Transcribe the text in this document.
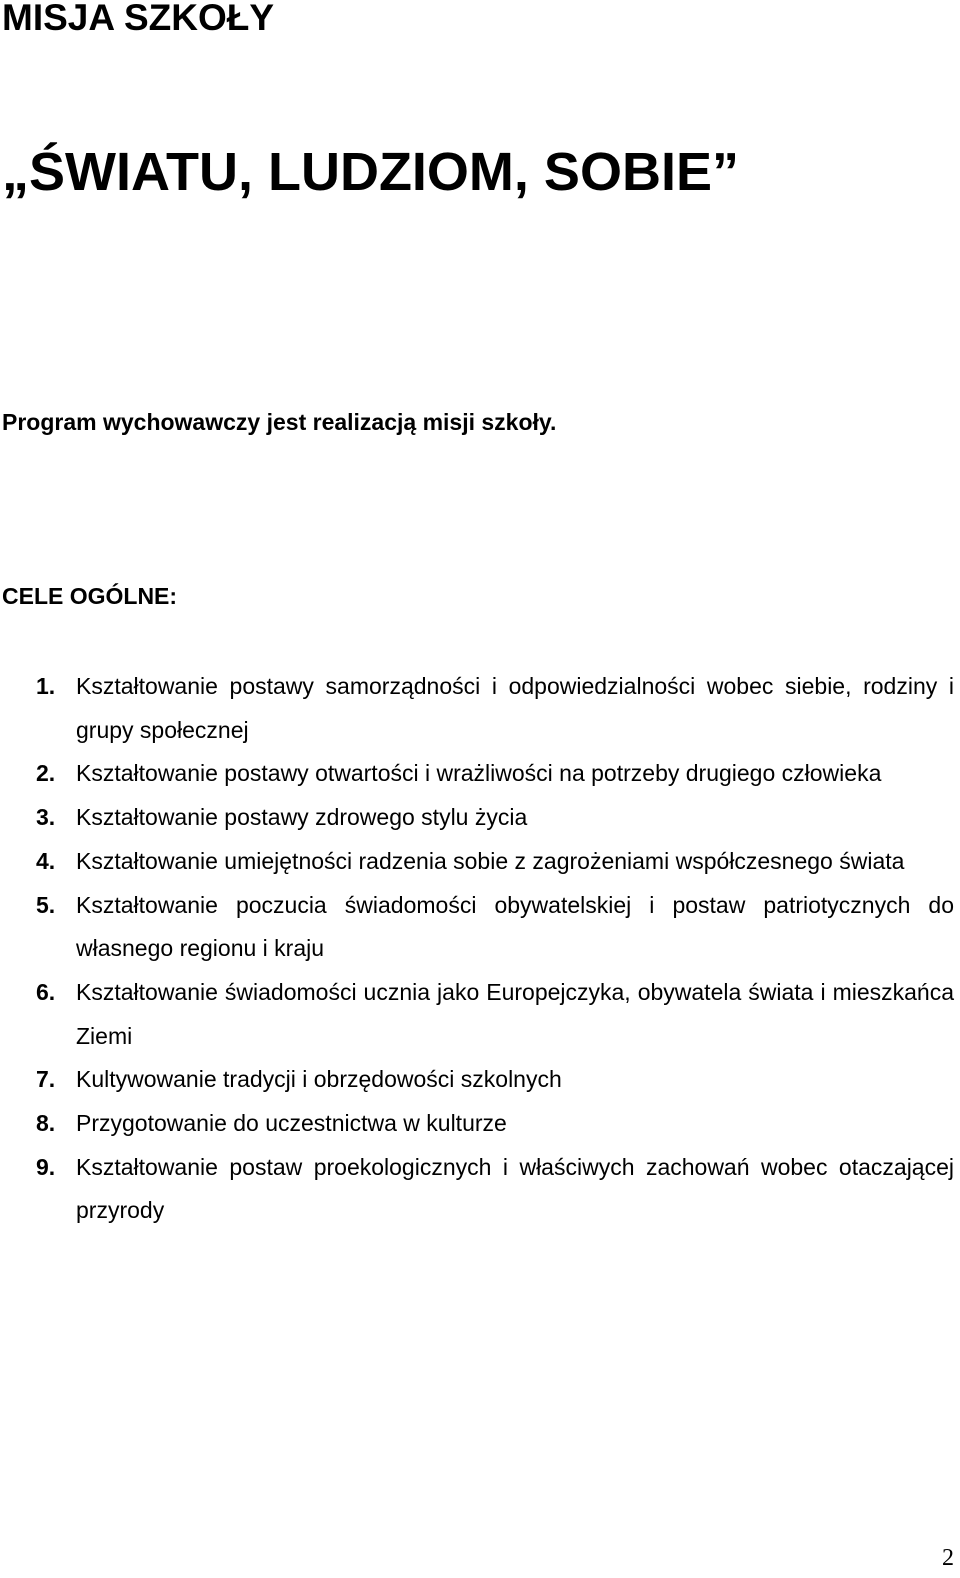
MISJA SZKOŁY
„ŚWIATU, LUDZIOM, SOBIE”

Program wychowawczy jest realizacją misji szkoły.

CELE OGÓLNE:

1. Kształtowanie postawy samorządności i odpowiedzialności wobec siebie, rodziny i grupy społecznej
2. Kształtowanie postawy otwartości i wrażliwości na potrzeby drugiego człowieka
3. Kształtowanie postawy zdrowego stylu życia
4. Kształtowanie umiejętności radzenia sobie z zagrożeniami współczesnego świata
5. Kształtowanie poczucia świadomości obywatelskiej i postaw patriotycznych do własnego regionu i kraju
6. Kształtowanie świadomości ucznia jako Europejczyka, obywatela świata i mieszkańca Ziemi
7. Kultywowanie tradycji i obrzędowości szkolnych
8. Przygotowanie do uczestnictwa w kulturze
9. Kształtowanie postaw proekologicznych i właściwych zachowań wobec otaczającej przyrody
2
